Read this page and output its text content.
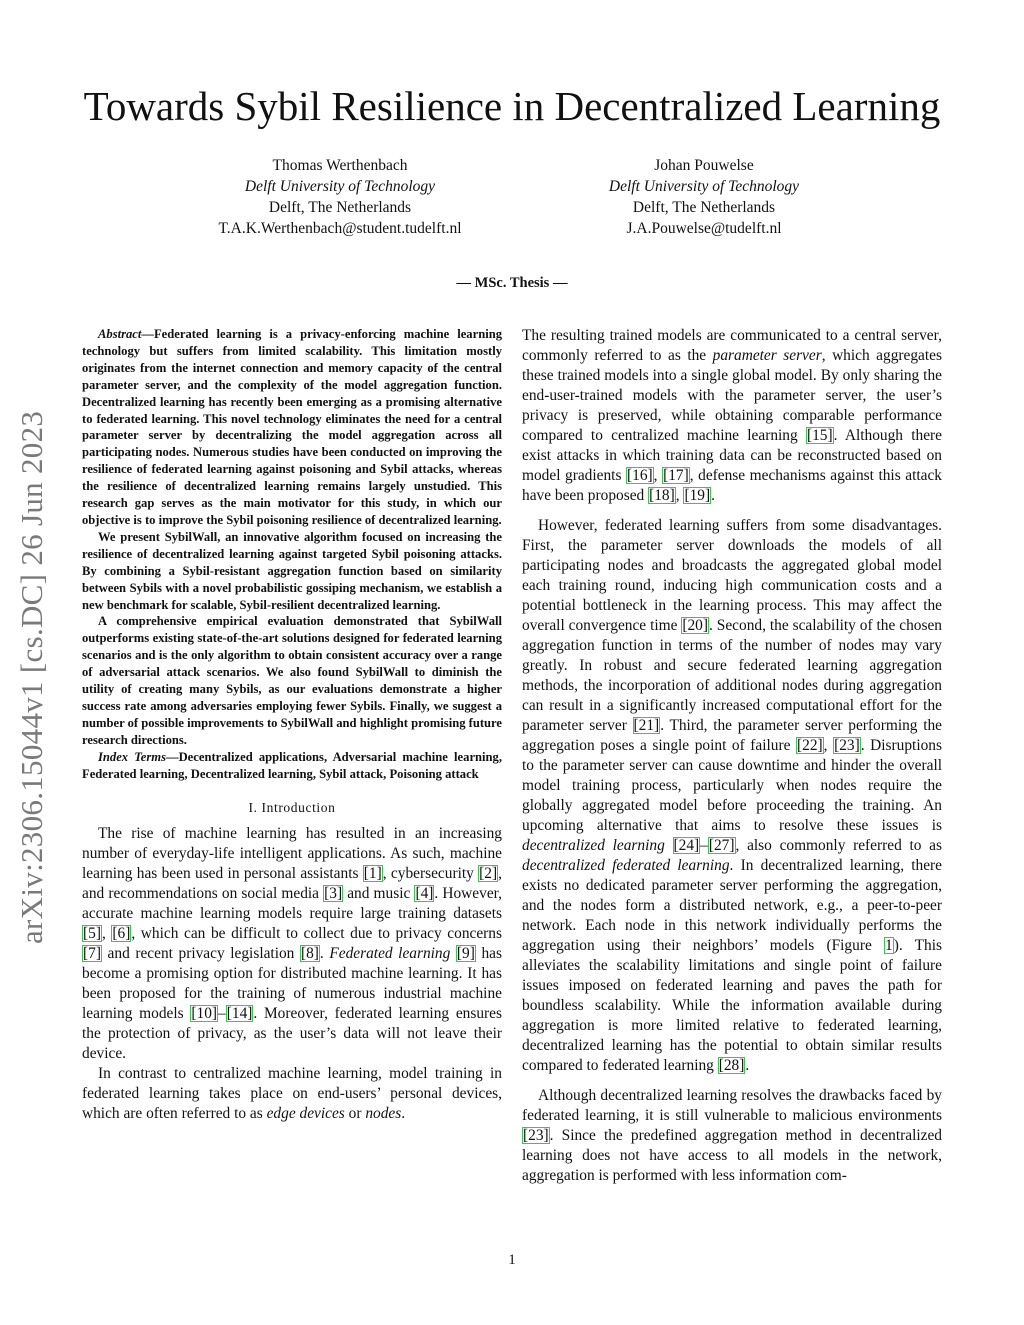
arXiv:2306.15044v1 [cs.DC] 26 Jun 2023
Towards Sybil Resilience in Decentralized Learning
Thomas Werthenbach
Delft University of Technology
Delft, The Netherlands
T.A.K.Werthenbach@student.tudelft.nl
Johan Pouwelse
Delft University of Technology
Delft, The Netherlands
J.A.Pouwelse@tudelft.nl
— MSc. Thesis —

Abstract—Federated learning is a privacy-enforcing machine learning technology but suffers from limited scalability. This limitation mostly originates from the internet connection and memory capacity of the central parameter server, and the complexity of the model aggregation function. Decentralized learning has recently been emerging as a promising alternative to federated learning. This novel technology eliminates the need for a central parameter server by decentralizing the model aggregation across all participating nodes. Numerous studies have been conducted on improving the resilience of federated learning against poisoning and Sybil attacks, whereas the resilience of decentralized learning remains largely unstudied. This research gap serves as the main motivator for this study, in which our objective is to improve the Sybil poisoning resilience of decentralized learning.

We present SybilWall, an innovative algorithm focused on increasing the resilience of decentralized learning against targeted Sybil poisoning attacks. By combining a Sybil-resistant aggregation function based on similarity between Sybils with a novel probabilistic gossiping mechanism, we establish a new benchmark for scalable, Sybil-resilient decentralized learning.

A comprehensive empirical evaluation demonstrated that SybilWall outperforms existing state-of-the-art solutions designed for federated learning scenarios and is the only algorithm to obtain consistent accuracy over a range of adversarial attack scenarios. We also found SybilWall to diminish the utility of creating many Sybils, as our evaluations demonstrate a higher success rate among adversaries employing fewer Sybils. Finally, we suggest a number of possible improvements to SybilWall and highlight promising future research directions.

Index Terms—Decentralized applications, Adversarial machine learning, Federated learning, Decentralized learning, Sybil attack, Poisoning attack

I. Introduction

The rise of machine learning has resulted in an increasing number of everyday-life intelligent applications. As such, machine learning has been used in personal assistants [1], cybersecurity [2], and recommendations on social media [3] and music [4]. However, accurate machine learning models require large training datasets [5], [6], which can be difficult to collect due to privacy concerns [7] and recent privacy legislation [8]. Federated learning [9] has become a promising option for distributed machine learning. It has been proposed for the training of numerous industrial machine learning models [10]–[14]. Moreover, federated learning ensures the protection of privacy, as the user’s data will not leave their device.

In contrast to centralized machine learning, model training in federated learning takes place on end-users’ personal devices, which are often referred to as edge devices or nodes.

The resulting trained models are communicated to a central server, commonly referred to as the parameter server, which aggregates these trained models into a single global model. By only sharing the end-user-trained models with the parameter server, the user’s privacy is preserved, while obtaining comparable performance compared to centralized machine learning [15]. Although there exist attacks in which training data can be reconstructed based on model gradients [16], [17], defense mechanisms against this attack have been proposed [18], [19].

However, federated learning suffers from some disadvantages. First, the parameter server downloads the models of all participating nodes and broadcasts the aggregated global model each training round, inducing high communication costs and a potential bottleneck in the learning process. This may affect the overall convergence time [20]. Second, the scalability of the chosen aggregation function in terms of the number of nodes may vary greatly. In robust and secure federated learning aggregation methods, the incorporation of additional nodes during aggregation can result in a significantly increased computational effort for the parameter server [21]. Third, the parameter server performing the aggregation poses a single point of failure [22], [23]. Disruptions to the parameter server can cause downtime and hinder the overall model training process, particularly when nodes require the globally aggregated model before proceeding the training. An upcoming alternative that aims to resolve these issues is decentralized learning [24]–[27], also commonly referred to as decentralized federated learning. In decentralized learning, there exists no dedicated parameter server performing the aggregation, and the nodes form a distributed network, e.g., a peer-to-peer network. Each node in this network individually performs the aggregation using their neighbors’ models (Figure 1). This alleviates the scalability limitations and single point of failure issues imposed on federated learning and paves the path for boundless scalability. While the information available during aggregation is more limited relative to federated learning, decentralized learning has the potential to obtain similar results compared to federated learning [28].

Although decentralized learning resolves the drawbacks faced by federated learning, it is still vulnerable to malicious environments [23]. Since the predefined aggregation method in decentralized learning does not have access to all models in the network, aggregation is performed with less information com-

1
